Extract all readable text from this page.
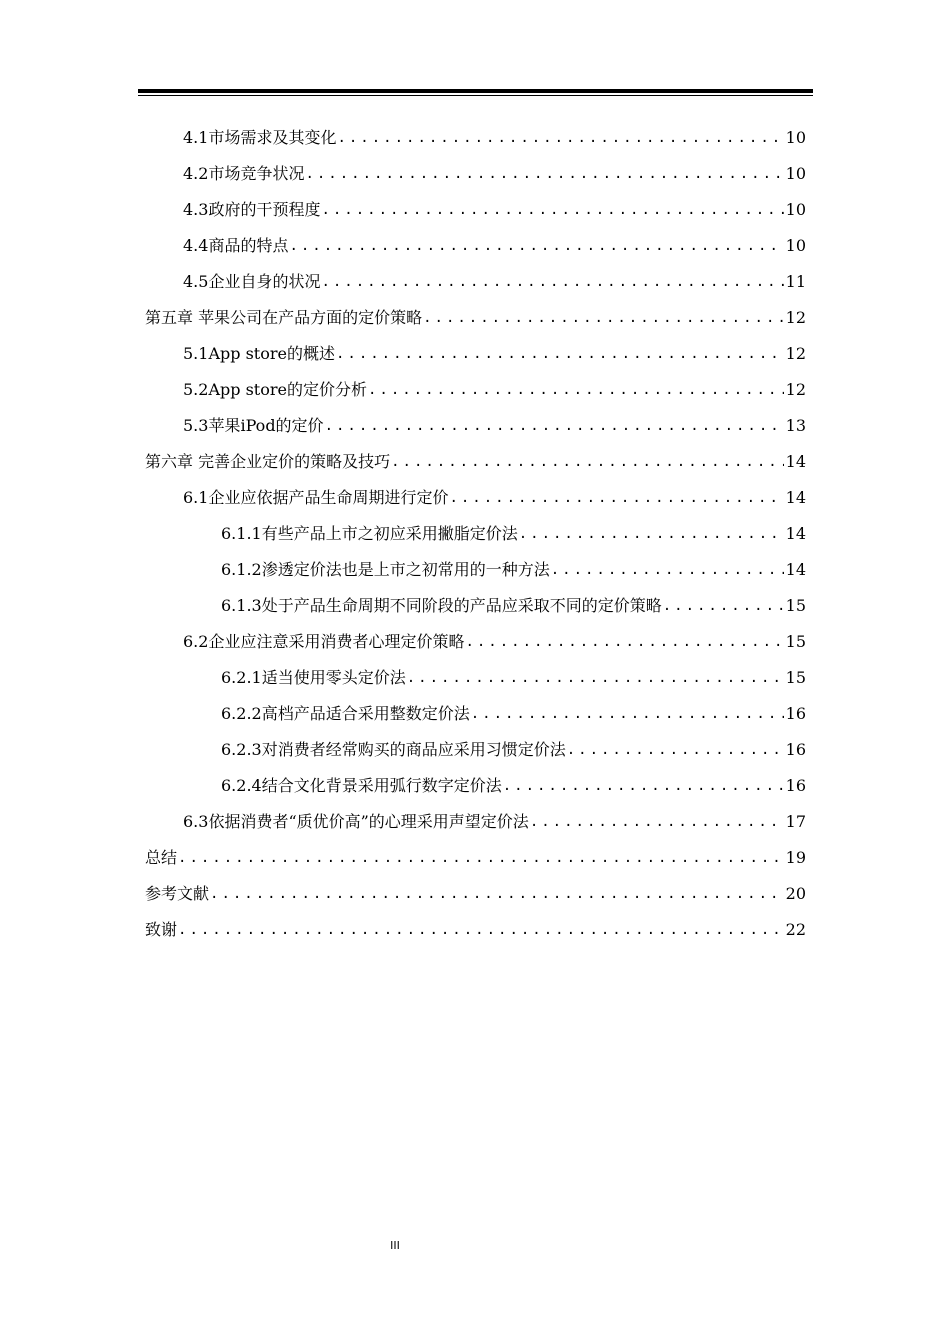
4.1市场需求及其变化 .....	10
4.2市场竞争状况 .....	10
4.3政府的干预程度 .....	10
4.4商品的特点 .....	10
4.5企业自身的状况 .....	11
第五章 苹果公司在产品方面的定价策略 .....	12
5.1App store的概述 .....	12
5.2App store的定价分析 .....	12
5.3苹果iPod的定价 .....	13
第六章 完善企业定价的策略及技巧 .....	14
6.1企业应依据产品生命周期进行定价 .....	14
6.1.1有些产品上市之初应采用撇脂定价法 .....	14
6.1.2渗透定价法也是上市之初常用的一种方法 .....	14
6.1.3处于产品生命周期不同阶段的产品应采取不同的定价策略 .....	15
6.2企业应注意采用消费者心理定价策略 .....	15
6.2.1适当使用零头定价法 .....	15
6.2.2高档产品适合采用整数定价法 .....	16
6.2.3对消费者经常购买的商品应采用习惯定价法 .....	16
6.2.4结合文化背景采用弧行数字定价法 .....	16
6.3依据消费者“质优价高”的心理采用声望定价法 .....	17
总结 .....	19
参考文献 .....	20
致谢 .....	22
III
